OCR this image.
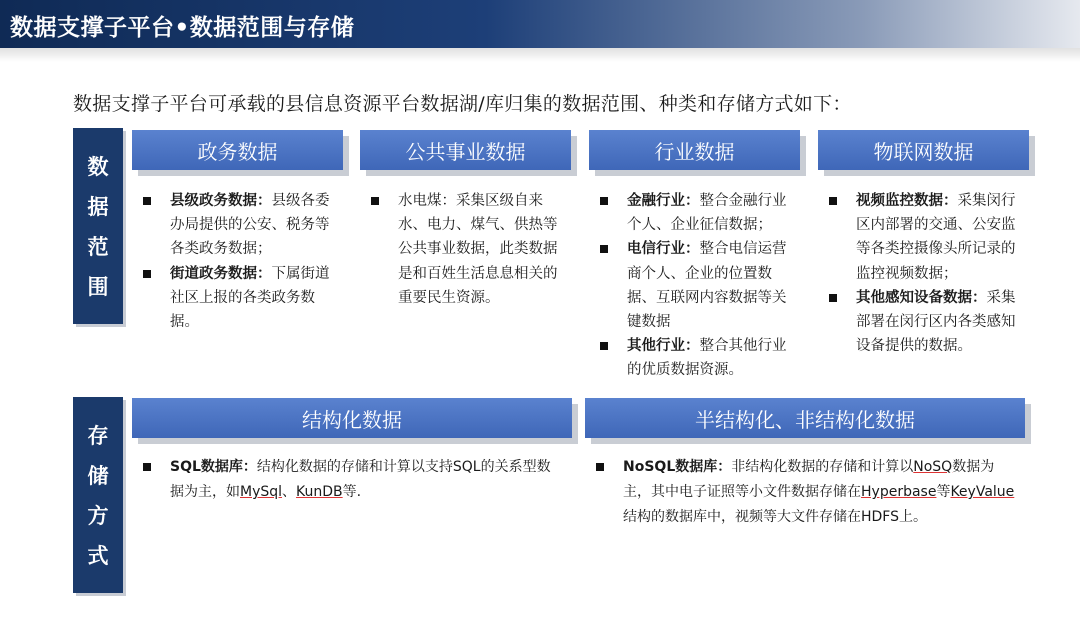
数据支撑子平台•数据范围与存储
数据支撑子平台可承载的县信息资源平台数据湖/库归集的数据范围、种类和存储方式如下：
数
据
范
围
政务数据	公共事业数据	行业数据	物联网数据
县级政务数据：县级各委办局提供的公安、税务等各类政务数据；
街道政务数据：下属街道社区上报的各类政务数据。
水电煤：采集区级自来水、电力、煤气、供热等公共事业数据，此类数据是和百姓生活息息相关的重要民生资源。
金融行业：整合金融行业个人、企业征信数据；
电信行业：整合电信运营商个人、企业的位置数据、互联网内容数据等关键数据
其他行业：整合其他行业的优质数据资源。
视频监控数据：采集闵行区内部署的交通、公安监等各类控摄像头所记录的监控视频数据；
其他感知设备数据：采集部署在闵行区内各类感知设备提供的数据。
存
储
方
式
结构化数据	半结构化、非结构化数据
SQL数据库：结构化数据的存储和计算以支持SQL的关系型数据为主，如MySql、KunDB等.
NoSQL数据库：非结构化数据的存储和计算以NoSQ数据为主，其中电子证照等小文件数据存储在Hyperbase等KeyValue结构的数据库中，视频等大文件存储在HDFS上。
